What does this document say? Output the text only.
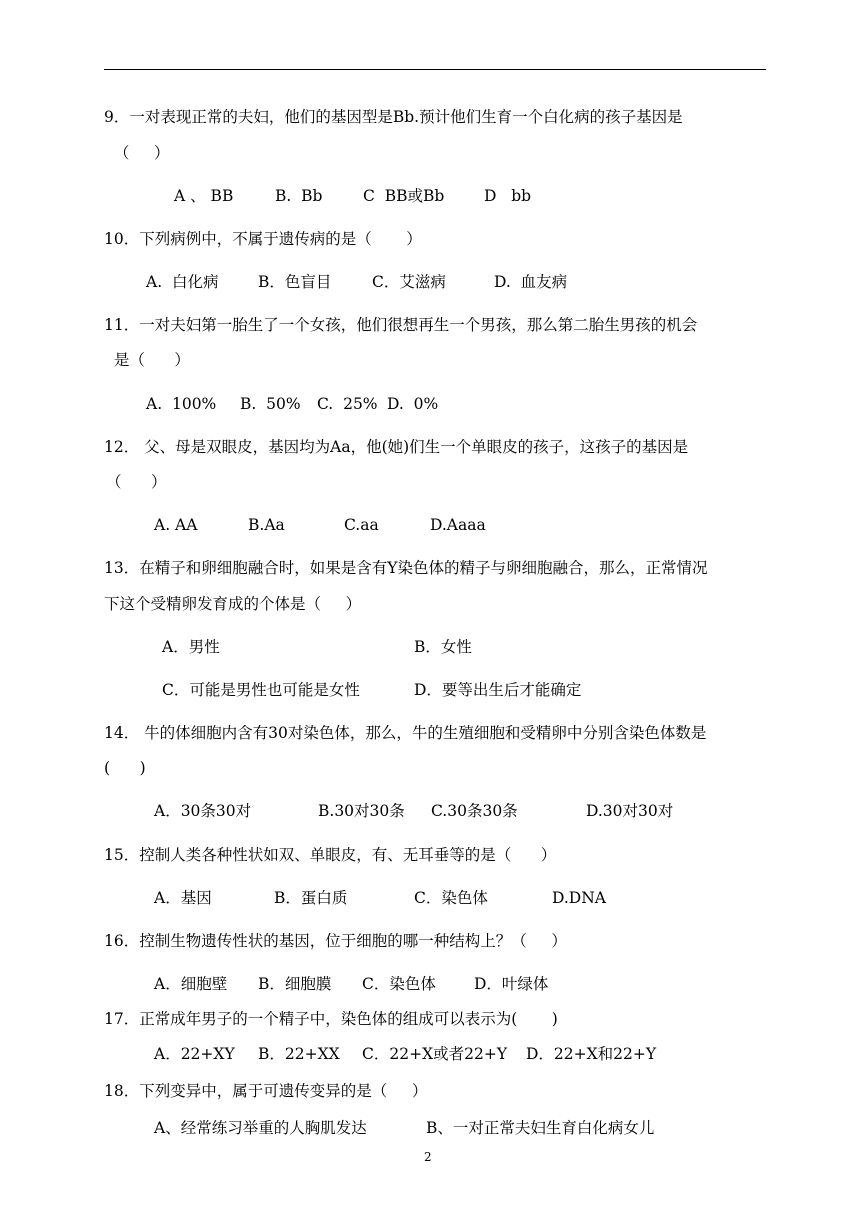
9．一对表现正常的夫妇，他们的基因型是Bb.预计他们生育一个白化病的孩子基因是
（     ）
A 、 BB	B.  Bb	C  BB或Bb	D   bb
10．下列病例中，不属于遗传病的是（       ）
A.  白化病	B．色盲目	C．艾滋病	D.  血友病
11．一对夫妇第一胎生了一个女孩，他们很想再生一个男孩，那么第二胎生男孩的机会
是（      ）
A.  100% B.  50% C.  25% D.  0%
12． 父、母是双眼皮，基因均为Aa，他(她)们生一个单眼皮的孩子，这孩子的基因是
（      ）
A. AA	B.Aa	C.aa	D.Aaaa
13．在精子和卵细胞融合时，如果是含有Y染色体的精子与卵细胞融合，那么，正常情况
下这个受精卵发育成的个体是（     ）
A．男性	B．女性
C．可能是男性也可能是女性	D．要等出生后才能确定
14． 牛的体细胞内含有30对染色体，那么，牛的生殖细胞和受精卵中分别含染色体数是
(      )
A．30条30对	B.30对30条 C.30条30条	D.30对30对
15．控制人类各种性状如双、单眼皮，有、无耳垂等的是（      ）
A．基因	B．蛋白质	C．染色体	D.DNA
16．控制生物遗传性状的基因，位于细胞的哪一种结构上？（     ）
A．细胞壁 B．细胞膜 C．染色体 D．叶绿体
17．正常成年男子的一个精子中，染色体的组成可以表示为(       )
A．22+XY B．22+XX C．22+X或者22+Y D．22+X和22+Y
18．下列变异中，属于可遗传变异的是（     ）
A、经常练习举重的人胸肌发达	B、一对正常夫妇生育白化病女儿
2
